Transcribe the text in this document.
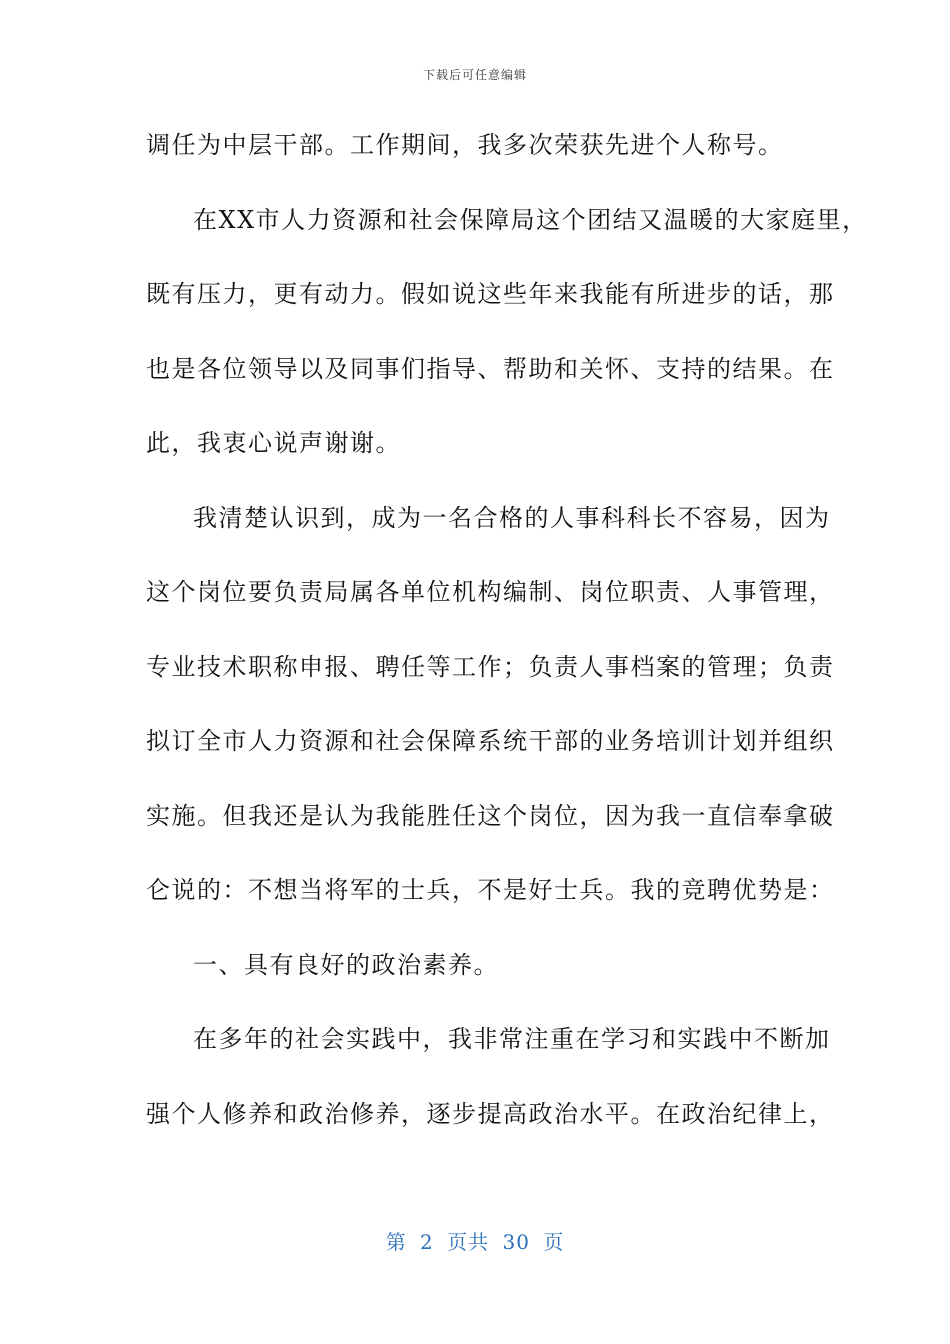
下载后可任意编辑
调任为中层干部。工作期间，我多次荣获先进个人称号。
在XX市人力资源和社会保障局这个团结又温暖的大家庭里，
既有压力，更有动力。假如说这些年来我能有所进步的话，那
也是各位领导以及同事们指导、帮助和关怀、支持的结果。在
此，我衷心说声谢谢。
我清楚认识到，成为一名合格的人事科科长不容易，因为
这个岗位要负责局属各单位机构编制、岗位职责、人事管理，
专业技术职称申报、聘任等工作；负责人事档案的管理；负责
拟订全市人力资源和社会保障系统干部的业务培训计划并组织
实施。但我还是认为我能胜任这个岗位，因为我一直信奉拿破
仑说的：不想当将军的士兵，不是好士兵。我的竞聘优势是：
一、具有良好的政治素养。
在多年的社会实践中，我非常注重在学习和实践中不断加
强个人修养和政治修养，逐步提高政治水平。在政治纪律上，
第 2 页共 30 页
